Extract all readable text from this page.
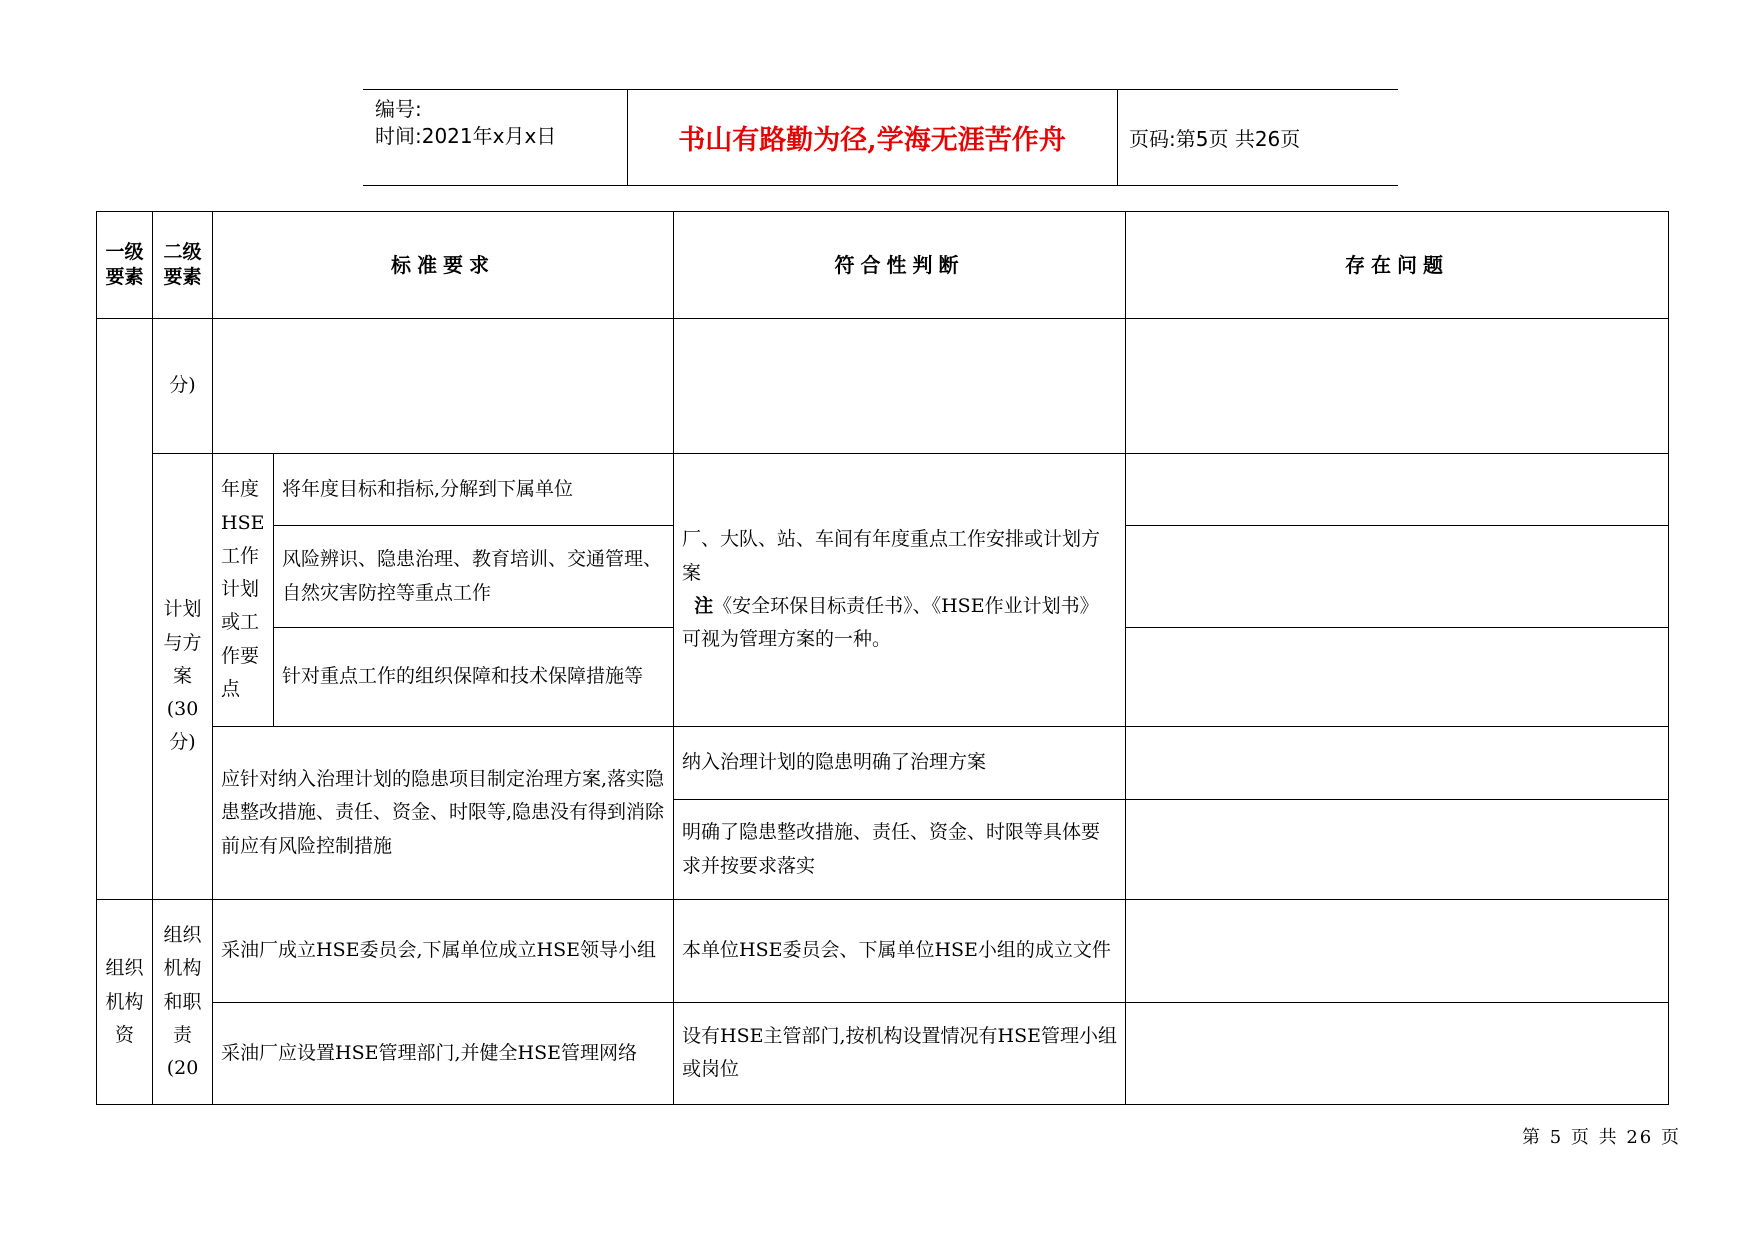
编号:
时间:2021年x月x日	书山有路勤为径,学海无涯苦作舟	页码:第5页 共26页
一级要素	二级要素	标准要求		符合性判断	存在问题
	分)				
	计划与方案(30分)	年度HSE工作计划或工作要点	将年度目标和指标,分解到下属单位	厂、大队、站、车间有年度重点工作安排或计划方案
注《安全环保目标责任书》、《HSE作业计划书》可视为管理方案的一种。	

			风险辨识、隐患治理、教育培训、交通管理、自然灾害防控等重点工作		
			针对重点工作的组织保障和技术保障措施等		
		应针对纳入治理计划的隐患项目制定治理方案,落实隐患整改措施、责任、资金、时限等,隐患没有得到消除前应有风险控制措施		纳入治理计划的隐患明确了治理方案	
				明确了隐患整改措施、责任、资金、时限等具体要求并按要求落实	
组织机构资	组织机构和职责(20	采油厂成立HSE委员会,下属单位成立HSE领导小组		本单位HSE委员会、下属单位HSE小组的成立文件	
		采油厂应设置HSE管理部门,并健全HSE管理网络		设有HSE主管部门,按机构设置情况有HSE管理小组或岗位	
第 5 页 共 26 页
